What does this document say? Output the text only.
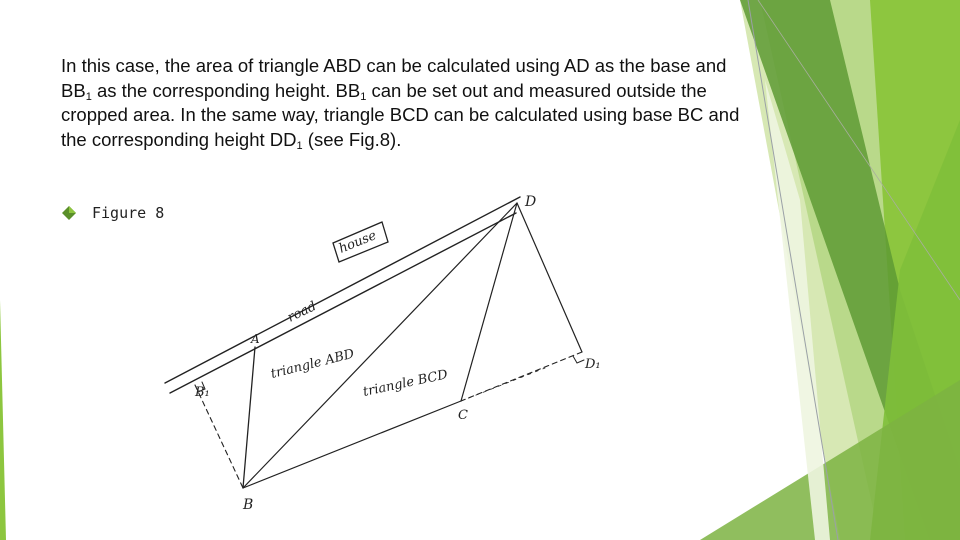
In this case, the area of triangle ABD can be calculated using AD as the base and $BB_1$ as the corresponding height. $BB_1$ can be set out and measured outside the cropped area. In the same way, triangle BCD can be calculated using base BC and the corresponding height $DD_1$ (see Fig.8).

Figure 8
house
road
A
D
B₁
B
C
D₁
triangle ABD
triangle BCD
